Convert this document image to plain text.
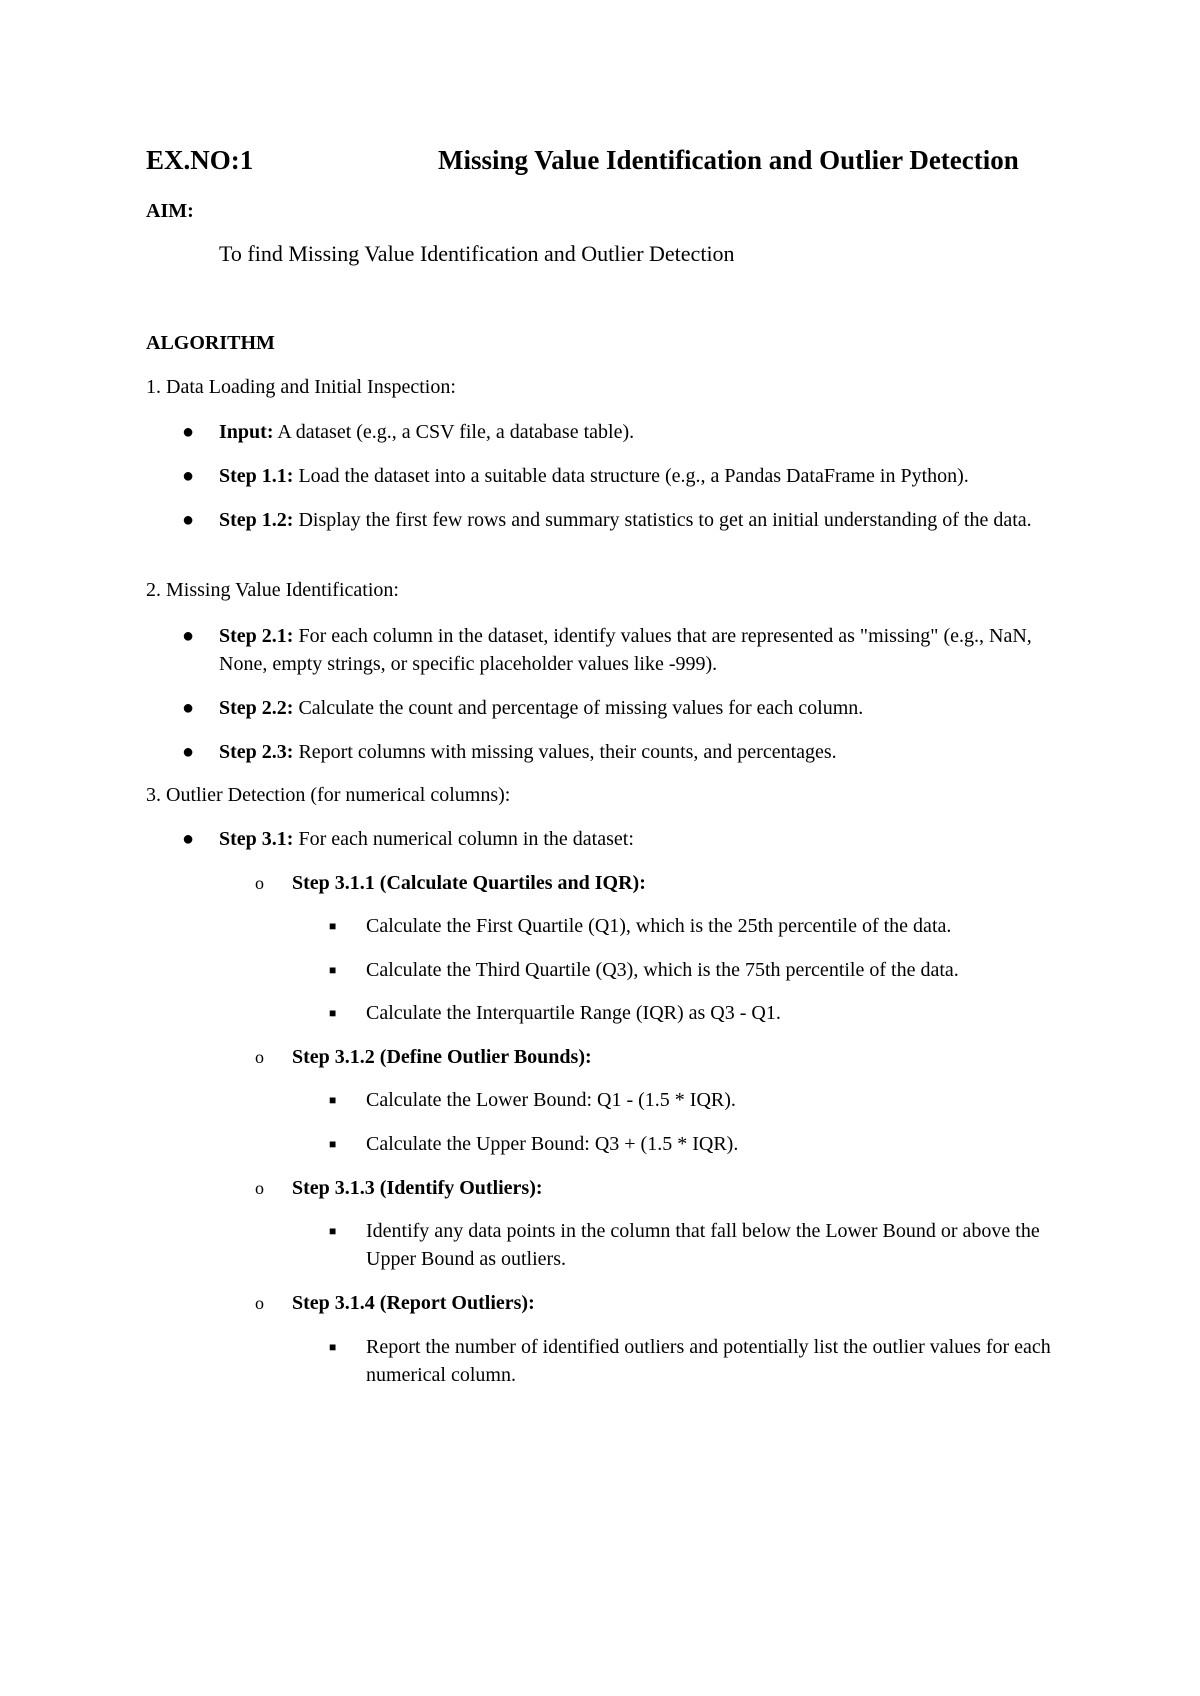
EX.NO:1	Missing Value Identification and Outlier Detection
AIM:
To find Missing Value Identification and Outlier Detection
ALGORITHM
1. Data Loading and Initial Inspection:
● Input: A dataset (e.g., a CSV file, a database table).
● Step 1.1: Load the dataset into a suitable data structure (e.g., a Pandas DataFrame in Python).
● Step 1.2: Display the first few rows and summary statistics to get an initial understanding of the data.
2. Missing Value Identification:
● Step 2.1: For each column in the dataset, identify values that are represented as "missing" (e.g., NaN, None, empty strings, or specific placeholder values like -999).
● Step 2.2: Calculate the count and percentage of missing values for each column.
● Step 2.3: Report columns with missing values, their counts, and percentages.
3. Outlier Detection (for numerical columns):
● Step 3.1: For each numerical column in the dataset:
o Step 3.1.1 (Calculate Quartiles and IQR):
■ Calculate the First Quartile (Q1), which is the 25th percentile of the data.
■ Calculate the Third Quartile (Q3), which is the 75th percentile of the data.
■ Calculate the Interquartile Range (IQR) as Q3 - Q1.
o Step 3.1.2 (Define Outlier Bounds):
■ Calculate the Lower Bound: Q1 - (1.5 * IQR).
■ Calculate the Upper Bound: Q3 + (1.5 * IQR).
o Step 3.1.3 (Identify Outliers):
■ Identify any data points in the column that fall below the Lower Bound or above the Upper Bound as outliers.
o Step 3.1.4 (Report Outliers):
■ Report the number of identified outliers and potentially list the outlier values for each numerical column.
